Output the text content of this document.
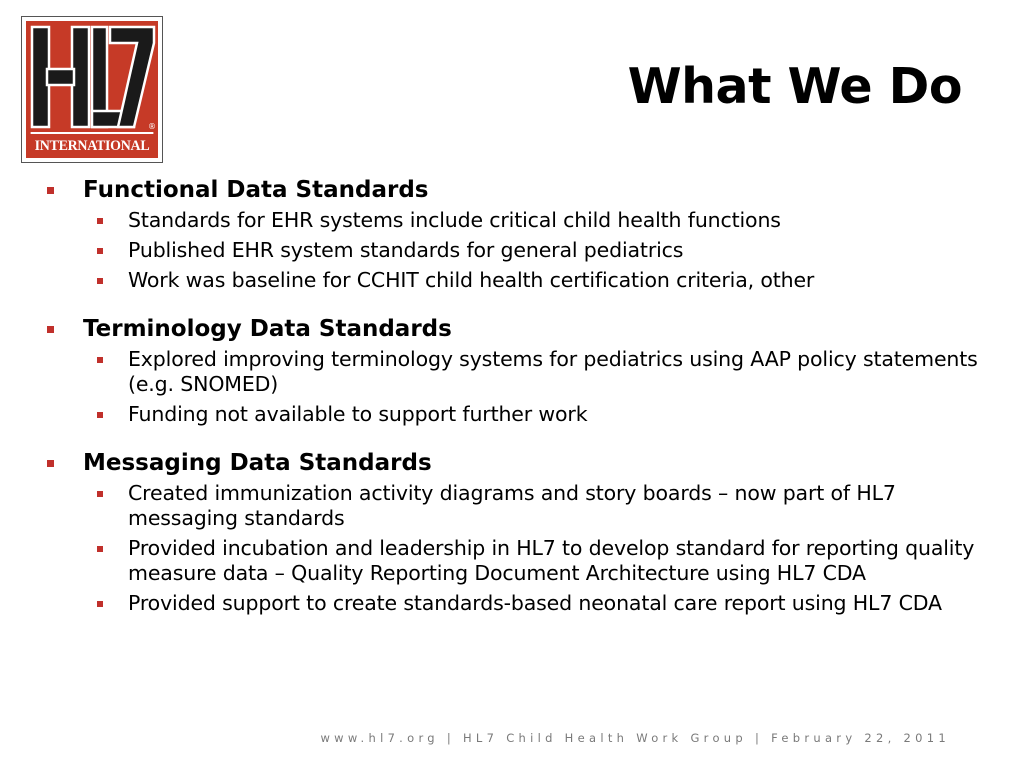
®
INTERNATIONAL
What We Do
Functional Data Standards
Standards for EHR systems include critical child health functions
Published EHR system standards for general pediatrics
Work was baseline for CCHIT child health certification criteria, other
Terminology Data Standards
Explored improving terminology systems for pediatrics using AAP policy statements (e.g. SNOMED)
Funding not available to support further work
Messaging Data Standards
Created immunization activity diagrams and story boards – now part of HL7 messaging standards
Provided incubation and leadership in HL7 to develop standard for reporting quality measure data – Quality Reporting Document Architecture using HL7 CDA
Provided support to create standards-based neonatal care report using HL7 CDA
www.hl7.org | HL7 Child Health Work Group | February 22, 2011
